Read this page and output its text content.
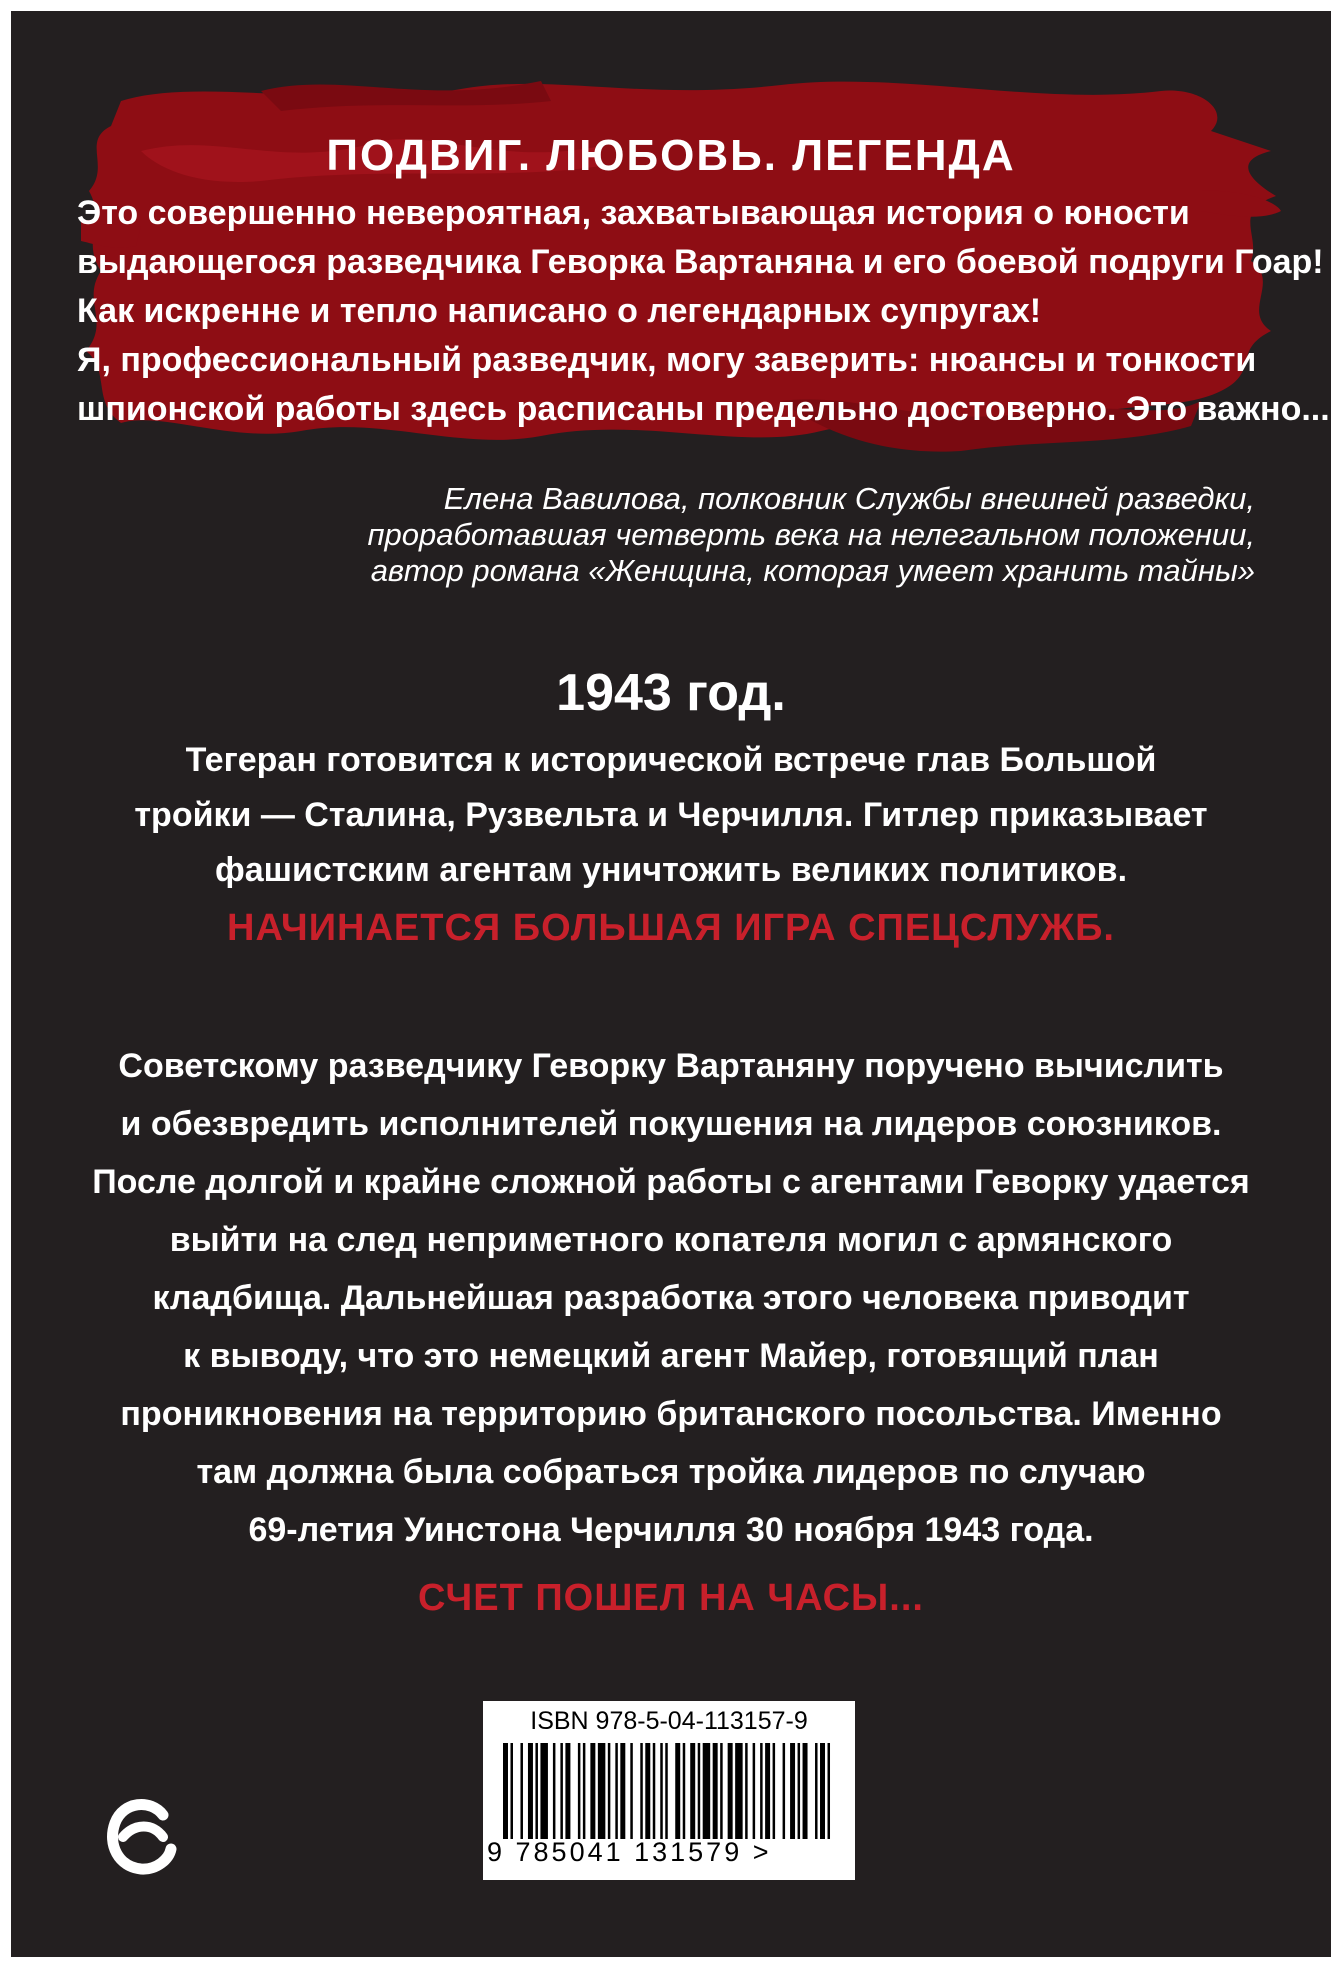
ПОДВИГ. ЛЮБОВЬ. ЛЕГЕНДА
Это совершенно невероятная, захватывающая история о юности
выдающегося разведчика Геворка Вартаняна и его боевой подруги Гоар!
Как искренне и тепло написано о легендарных супругах!
Я, профессиональный разведчик, могу заверить: нюансы и тонкости
шпионской работы здесь расписаны предельно достоверно. Это важно...
Елена Вавилова, полковник Службы внешней разведки,
проработавшая четверть века на нелегальном положении,
автор романа «Женщина, которая умеет хранить тайны»
1943 год.
Тегеран готовится к исторической встрече глав Большой
тройки — Сталина, Рузвельта и Черчилля. Гитлер приказывает
фашистским агентам уничтожить великих политиков.
НАЧИНАЕТСЯ БОЛЬШАЯ ИГРА СПЕЦСЛУЖБ.
Советскому разведчику Геворку Вартаняну поручено вычислить
и обезвредить исполнителей покушения на лидеров союзников.
После долгой и крайне сложной работы с агентами Геворку удается
выйти на след неприметного копателя могил с армянского
кладбища. Дальнейшая разработка этого человека приводит
к выводу, что это немецкий агент Майер, готовящий план
проникновения на территорию британского посольства. Именно
там должна была собраться тройка лидеров по случаю
69-летия Уинстона Черчилля 30 ноября 1943 года.
СЧЕТ ПОШЕЛ НА ЧАСЫ...
ISBN 978-5-04-113157-9
9 785041 131579 >
